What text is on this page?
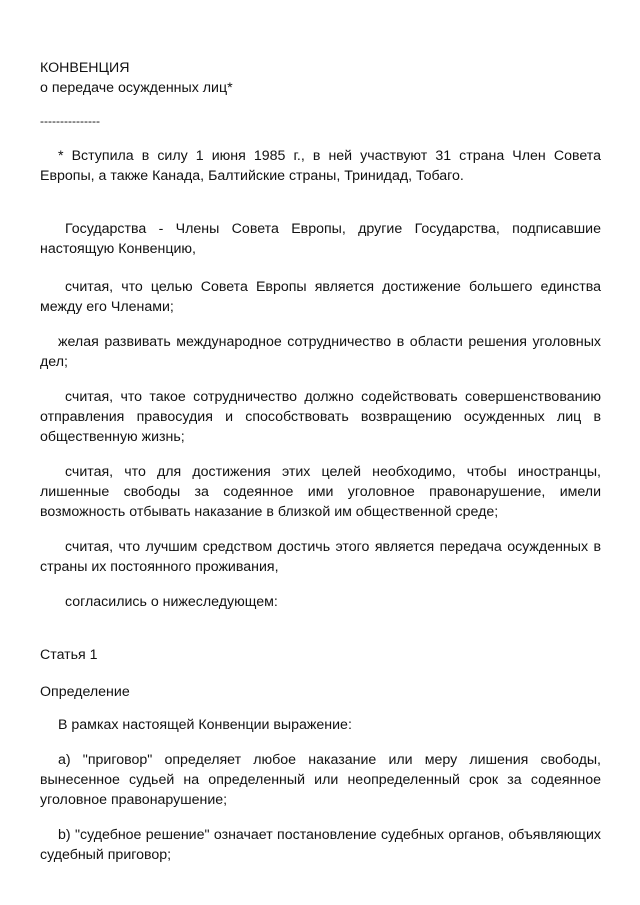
КОНВЕНЦИЯ
о передаче осужденных лиц*
---------------
* Вступила в силу 1 июня 1985 г., в ней участвуют 31 страна Член Совета Европы, а также Канада, Балтийские страны, Тринидад, Тобаго.
Государства - Члены Совета Европы, другие Государства, подписавшие настоящую Конвенцию,
считая, что целью Совета Европы является достижение большего единства между его Членами;
желая развивать международное сотрудничество в области решения уголовных дел;
считая, что такое сотрудничество должно содействовать совершенствованию отправления правосудия и способствовать возвращению осужденных лиц в общественную жизнь;
считая, что для достижения этих целей необходимо, чтобы иностранцы, лишенные свободы за содеянное ими уголовное правонарушение, имели возможность отбывать наказание в близкой им общественной среде;
считая, что лучшим средством достичь этого является передача осужденных в страны их постоянного проживания,
согласились о нижеследующем:
Статья 1
Определение
В рамках настоящей Конвенции выражение:
a) "приговор" определяет любое наказание или меру лишения свободы, вынесенное судьей на определенный или неопределенный срок за содеянное уголовное правонарушение;
b) "судебное решение" означает постановление судебных органов, объявляющих судебный приговор;
